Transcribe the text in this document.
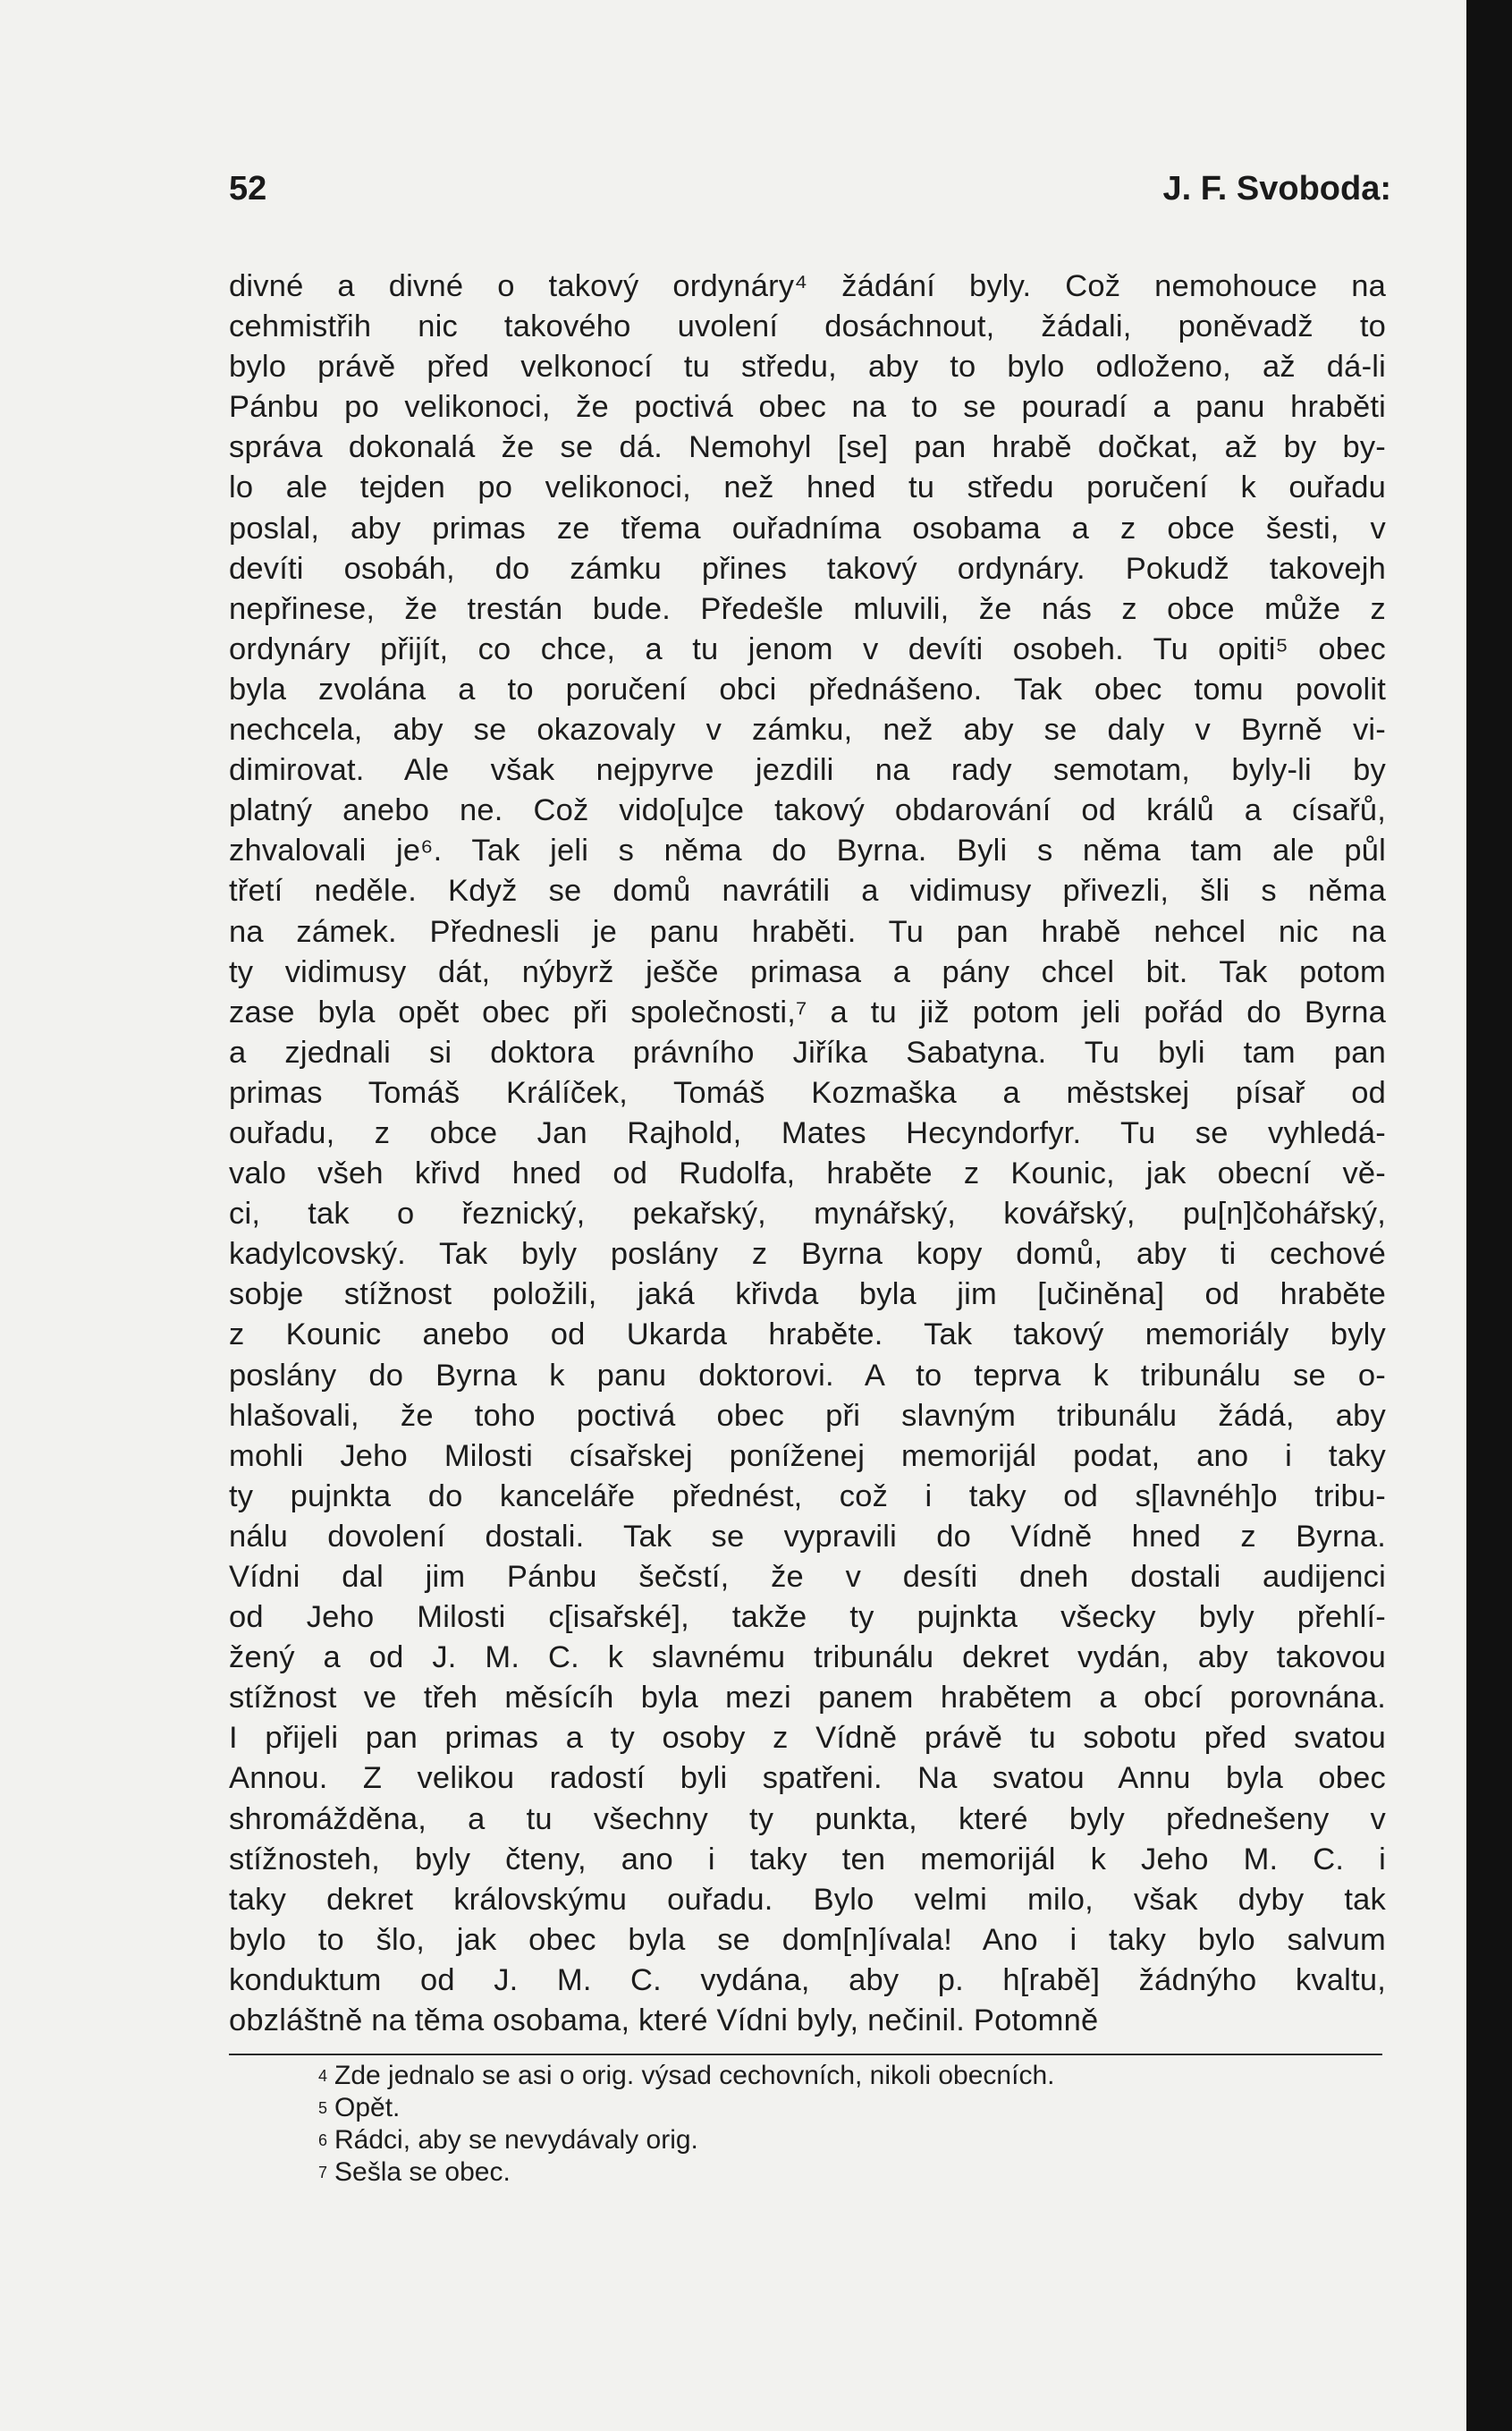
52	J. F. Svoboda:
divné a divné o takový ordynáry⁴ žádání byly. Což nemohouce na
cehmistřih nic takového uvolení dosáchnout, žádali, poněvadž to
bylo právě před velkonocí tu středu, aby to bylo odloženo, až dá-li
Pánbu po velikonoci, že poctivá obec na to se pouradí a panu hraběti
správa dokonalá že se dá. Nemohyl [se] pan hrabě dočkat, až by by-
lo ale tejden po velikonoci, než hned tu středu poručení k ouřadu
poslal, aby primas ze třema ouřadníma osobama a z obce šesti, v
devíti osobáh, do zámku přines takový ordynáry. Pokudž takovejh
nepřinese, že trestán bude. Předešle mluvili, že nás z obce může z
ordynáry přijít, co chce, a tu jenom v devíti osobeh. Tu opiti⁵ obec
byla zvolána a to poručení obci přednášeno. Tak obec tomu povolit
nechcela, aby se okazovaly v zámku, než aby se daly v Byrně vi-
dimirovat. Ale však nejpyrve jezdili na rady semotam, byly-li by
platný anebo ne. Což vido[u]ce takový obdarování od králů a císařů,
zhvalovali je⁶. Tak jeli s něma do Byrna. Byli s něma tam ale půl
třetí neděle. Když se domů navrátili a vidimusy přivezli, šli s něma
na zámek. Přednesli je panu hraběti. Tu pan hrabě nehcel nic na
ty vidimusy dát, nýbyrž ješče primasa a pány chcel bit. Tak potom
zase byla opět obec při společnosti,⁷ a tu již potom jeli pořád do Byrna
a zjednali si doktora právního Jiříka Sabatyna. Tu byli tam pan
primas Tomáš Králíček, Tomáš Kozmaška a městskej písař od
ouřadu, z obce Jan Rajhold, Mates Hecyndorfyr. Tu se vyhledá-
valo všeh křivd hned od Rudolfa, hraběte z Kounic, jak obecní vě-
ci, tak o řeznický, pekařský, mynářský, kovářský, pu[n]čohářský,
kadylcovský. Tak byly poslány z Byrna kopy domů, aby ti cechové
sobje stížnost položili, jaká křivda byla jim [učiněna] od hraběte
z Kounic anebo od Ukarda hraběte. Tak takový memoriály byly
poslány do Byrna k panu doktorovi. A to teprva k tribunálu se o-
hlašovali, že toho poctivá obec při slavným tribunálu žádá, aby
mohli Jeho Milosti císařskej poníženej memorijál podat, ano i taky
ty pujnkta do kanceláře přednést, což i taky od s[lavnéh]o tribu-
nálu dovolení dostali. Tak se vypravili do Vídně hned z Byrna.
Vídni dal jim Pánbu šečstí, že v desíti dneh dostali audijenci
od Jeho Milosti c[isařské], takže ty pujnkta všecky byly přehlí-
žený a od J. M. C. k slavnému tribunálu dekret vydán, aby takovou
stížnost ve třeh měsícíh byla mezi panem hrabětem a obcí porovnána.
I přijeli pan primas a ty osoby z Vídně právě tu sobotu před svatou
Annou. Z velikou radostí byli spatřeni. Na svatou Annu byla obec
shromážděna, a tu všechny ty punkta, které byly přednešeny v
stížnosteh, byly čteny, ano i taky ten memorijál k Jeho M. C. i
taky dekret královskýmu ouřadu. Bylo velmi milo, však dyby tak
bylo to šlo, jak obec byla se dom[n]ívala! Ano i taky bylo salvum
konduktum od J. M. C. vydána, aby p. h[rabě] žádnýho kvaltu,
obzláštně na těma osobama, které Vídni byly, nečinil. Potomně
4 Zde jednalo se asi o orig. výsad cechovních, nikoli obecních.
5 Opět.
6 Rádci, aby se nevydávaly orig.
7 Sešla se obec.
